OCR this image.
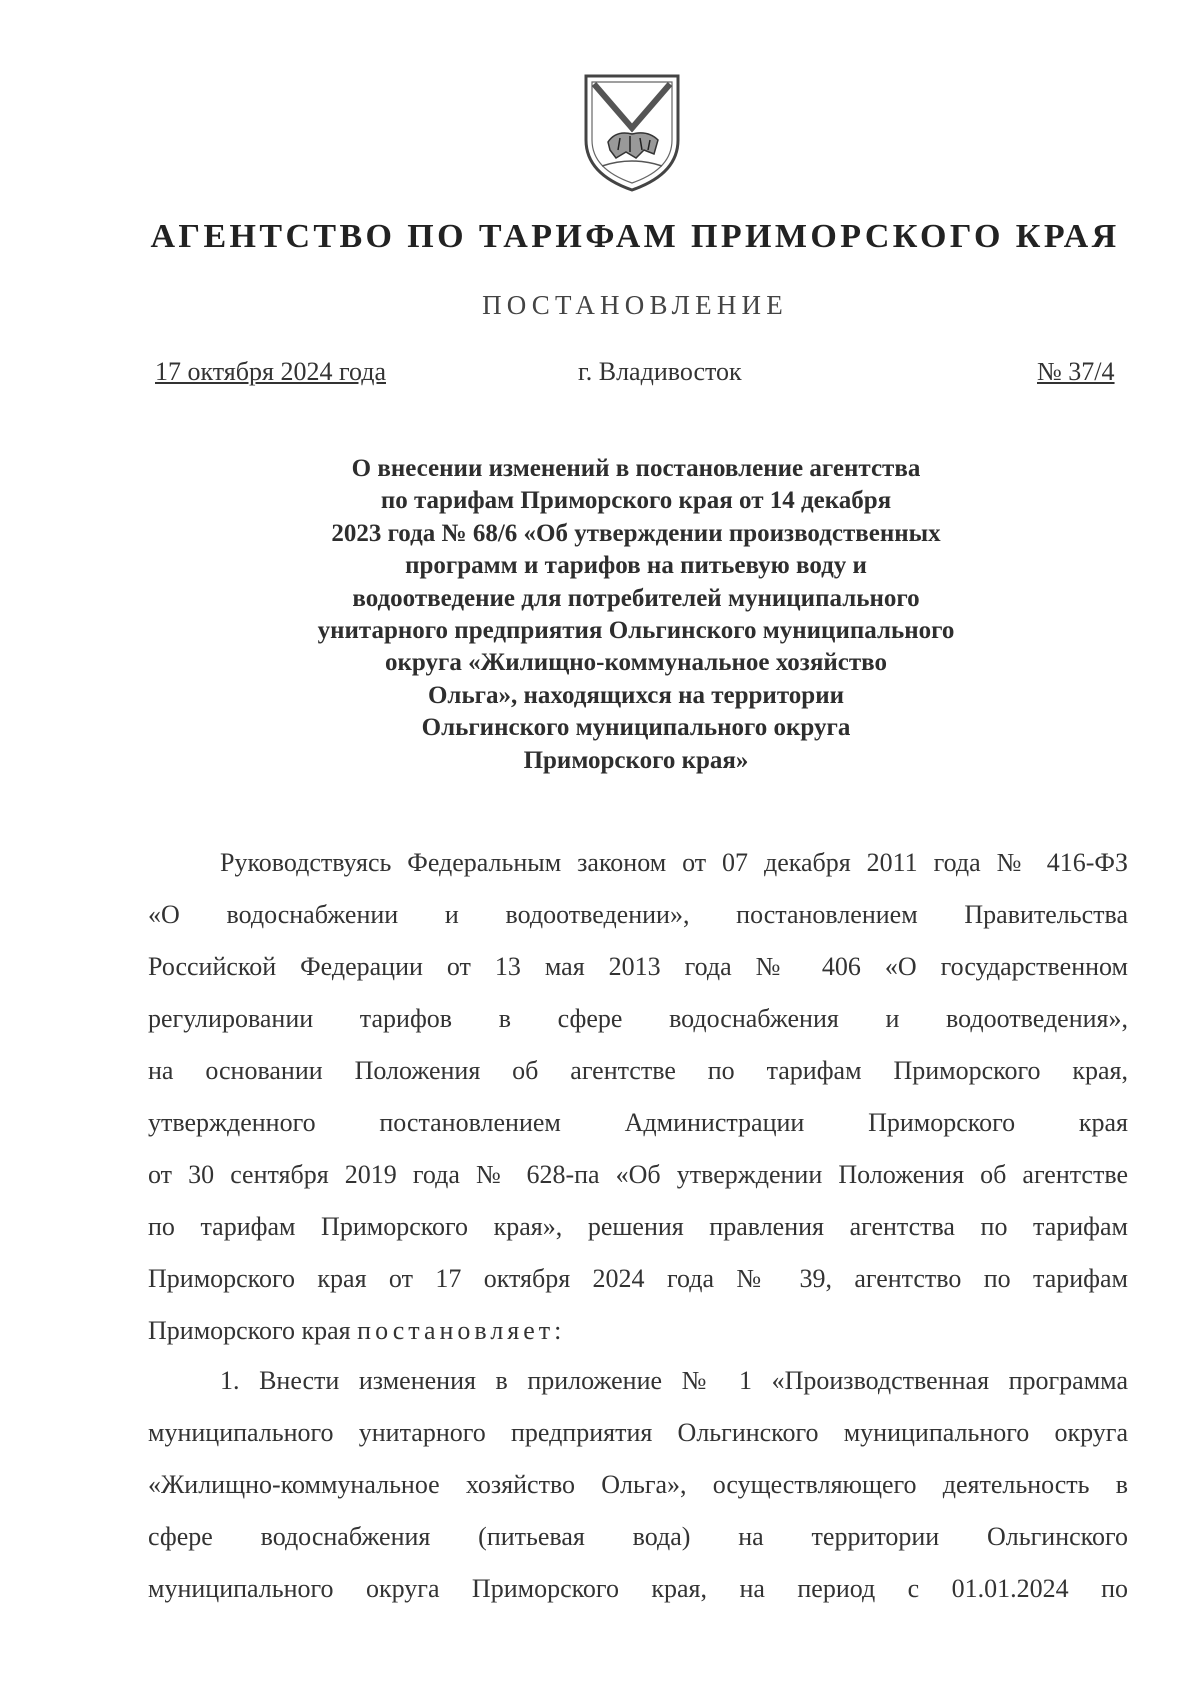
АГЕНТСТВО ПО ТАРИФАМ ПРИМОРСКОГО КРАЯ
ПОСТАНОВЛЕНИЕ
17 октября 2024 года	г. Владивосток	№ 37/4
О внесении изменений в постановление агентства
по тарифам Приморского края от 14 декабря
2023 года № 68/6 «Об утверждении производственных
программ и тарифов на питьевую воду и
водоотведение для потребителей муниципального
унитарного предприятия Ольгинского муниципального
округа «Жилищно-коммунальное хозяйство
Ольга», находящихся на территории
Ольгинского муниципального округа
Приморского края»
Руководствуясь Федеральным законом от 07 декабря 2011 года № 416-ФЗ
«О водоснабжении и водоотведении», постановлением Правительства
Российской Федерации от 13 мая 2013 года № 406 «О государственном
регулировании тарифов в сфере водоснабжения и водоотведения»,
на основании Положения об агентстве по тарифам Приморского края,
утвержденного постановлением Администрации Приморского края
от 30 сентября 2019 года № 628-па «Об утверждении Положения об агентстве
по тарифам Приморского края», решения правления агентства по тарифам
Приморского края от 17 октября 2024 года № 39, агентство по тарифам
Приморского края постановляет:
1. Внести изменения в приложение № 1 «Производственная программа
муниципального унитарного предприятия Ольгинского муниципального округа
«Жилищно-коммунальное хозяйство Ольга», осуществляющего деятельность в
сфере водоснабжения (питьевая вода) на территории Ольгинского
муниципального округа Приморского края, на период с 01.01.2024 по
